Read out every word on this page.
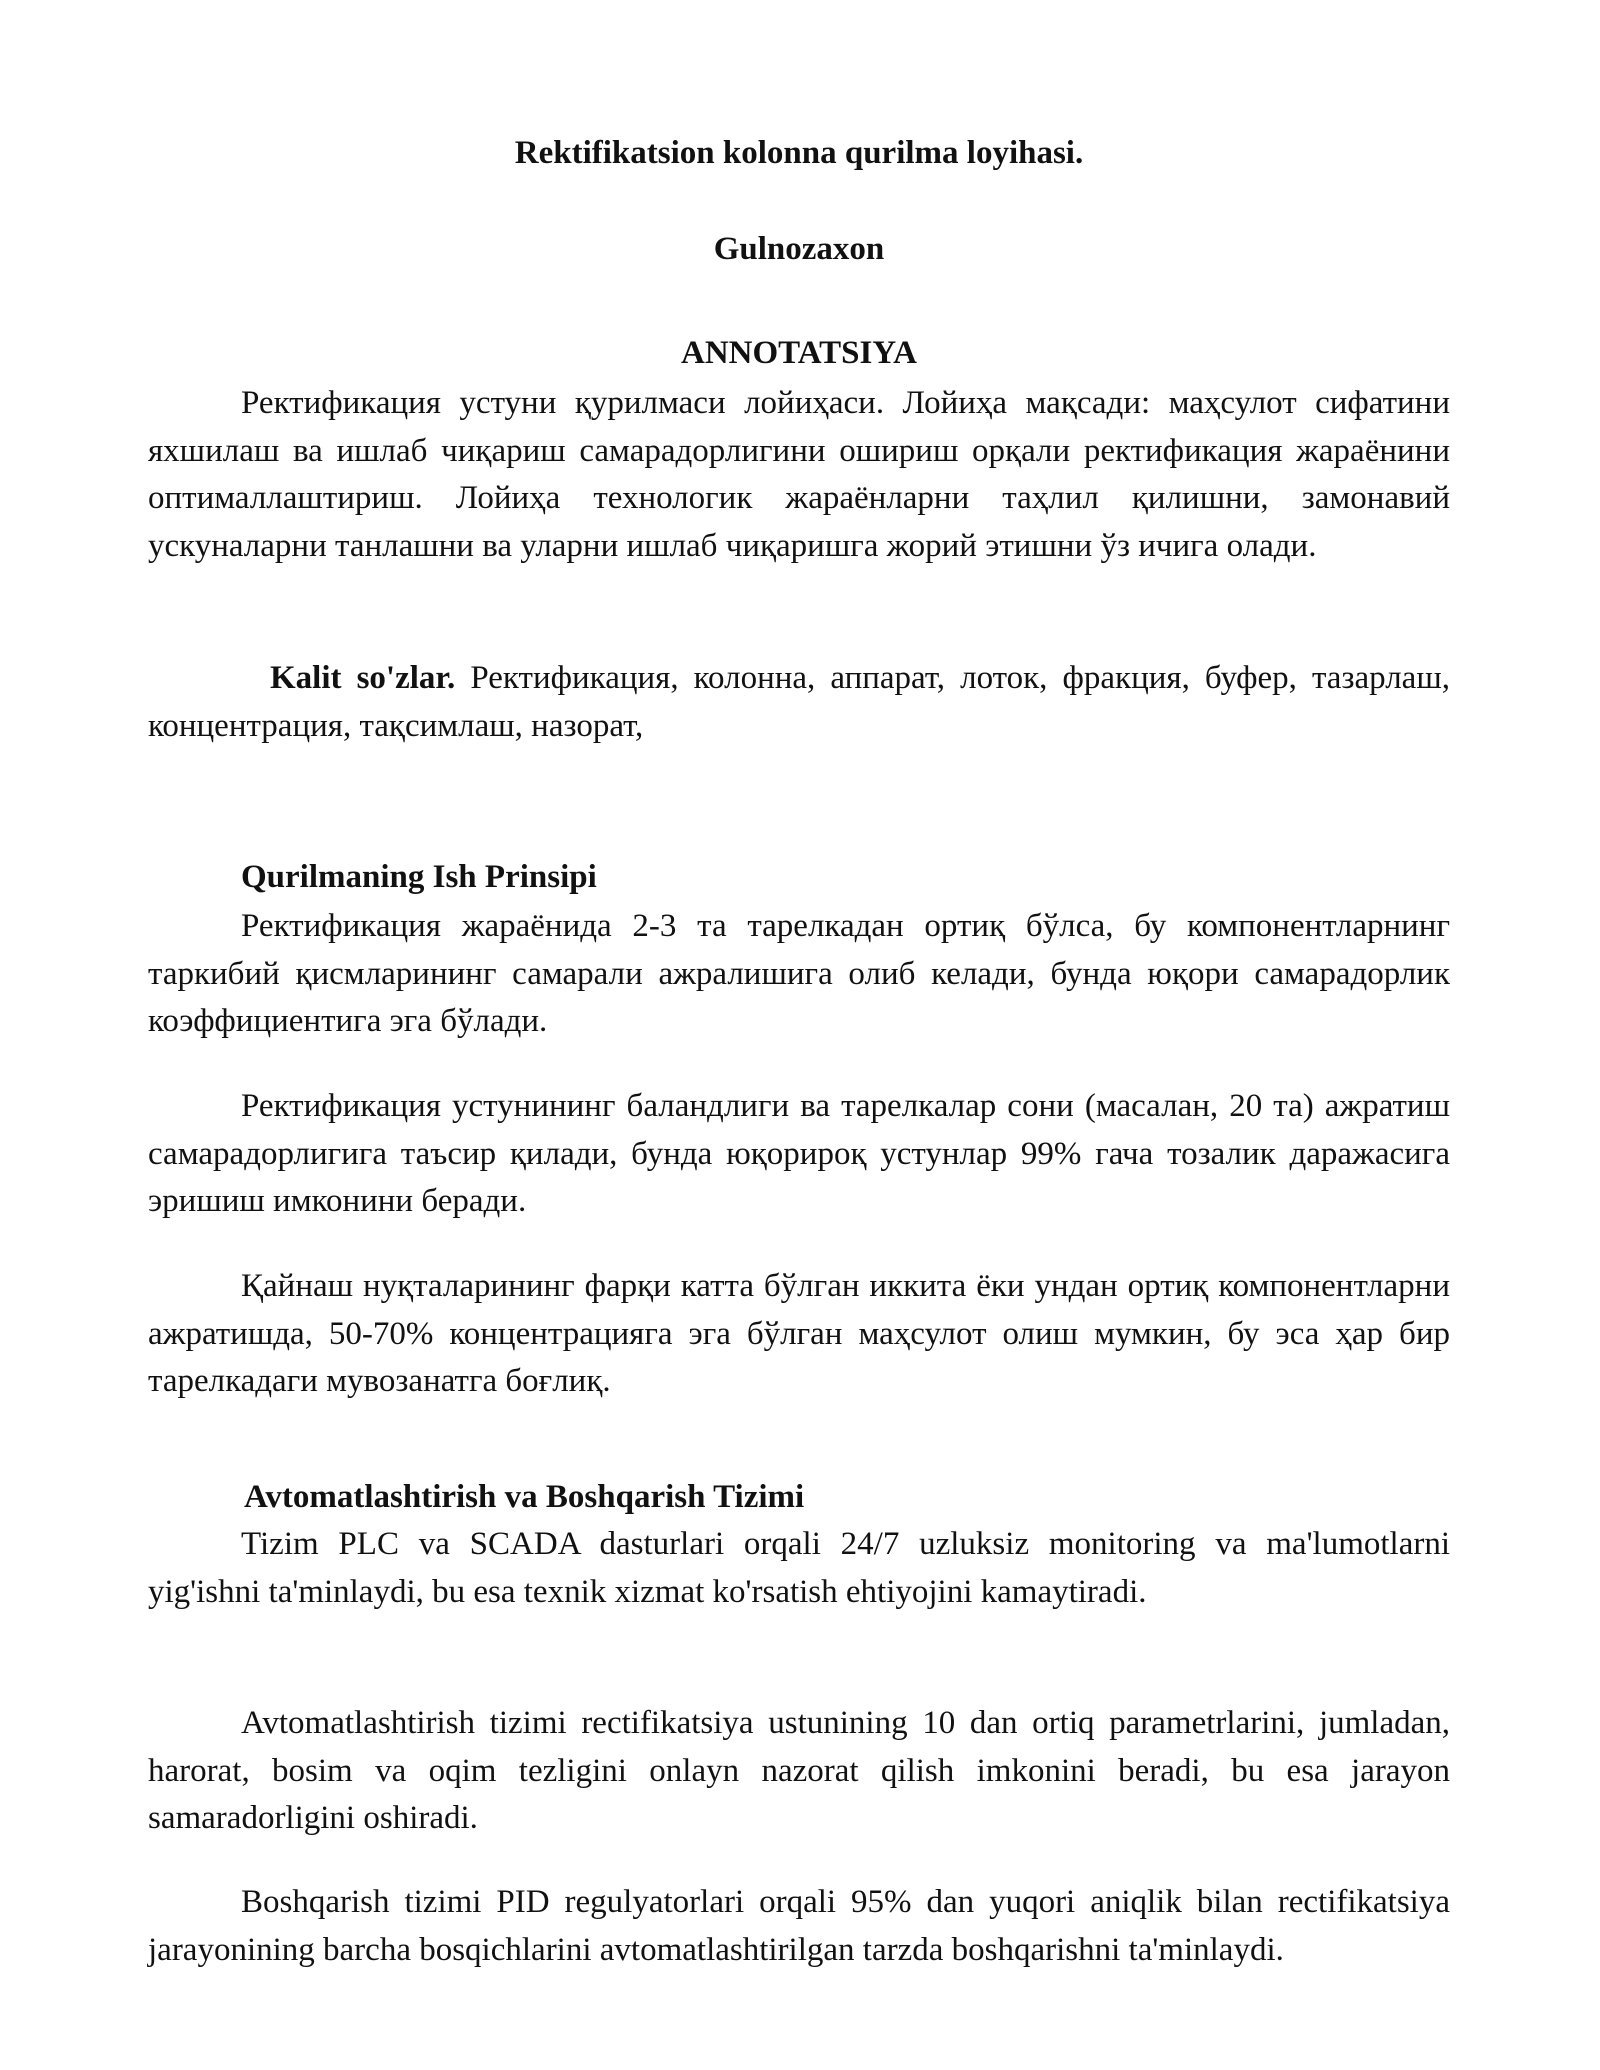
Rektifikatsion kolonna qurilma loyihasi.
Gulnozaxon
ANNOTATSIYA

Ректификация устуни қурилмаси лойиҳаси. Лойиҳа мақсади: маҳсулот сифатини яхшилаш ва ишлаб чиқариш самарадорлигини ошириш орқали ректификация жараёнини оптималлаштириш. Лойиҳа технологик жараёнларни таҳлил қилишни, замонавий ускуналарни танлашни ва уларни ишлаб чиқаришга жорий этишни ўз ичига олади.

Kalit so'zlar. Ректификация, колонна, аппарат, лоток, фракция, буфер, тазарлаш, концентрация, тақсимлаш, назорат,

Qurilmaning Ish Prinsipi

Ректификация жараёнида 2-3 та тарелкадан ортиқ бўлса, бу компонентларнинг таркибий қисмларининг самарали ажралишига олиб келади, бунда юқори самарадорлик коэффициентига эга бўлади.

Ректификация устунининг баландлиги ва тарелкалар сони (масалан, 20 та) ажратиш самарадорлигига таъсир қилади, бунда юқорироқ устунлар 99% гача тозалик даражасига эришиш имконини беради.

Қайнаш нуқталарининг фарқи катта бўлган иккита ёки ундан ортиқ компонентларни ажратишда, 50-70% концентрацияга эга бўлган маҳсулот олиш мумкин, бу эса ҳар бир тарелкадаги мувозанатга боғлиқ.

Avtomatlashtirish va Boshqarish Tizimi

Tizim PLC va SCADA dasturlari orqali 24/7 uzluksiz monitoring va ma'lumotlarni yig'ishni ta'minlaydi, bu esa texnik xizmat ko'rsatish ehtiyojini kamaytiradi.

Avtomatlashtirish tizimi rectifikatsiya ustunining 10 dan ortiq parametrlarini, jumladan, harorat, bosim va oqim tezligini onlayn nazorat qilish imkonini beradi, bu esa jarayon samaradorligini oshiradi.

Boshqarish tizimi PID regulyatorlari orqali 95% dan yuqori aniqlik bilan rectifikatsiya jarayonining barcha bosqichlarini avtomatlashtirilgan tarzda boshqarishni ta'minlaydi.
